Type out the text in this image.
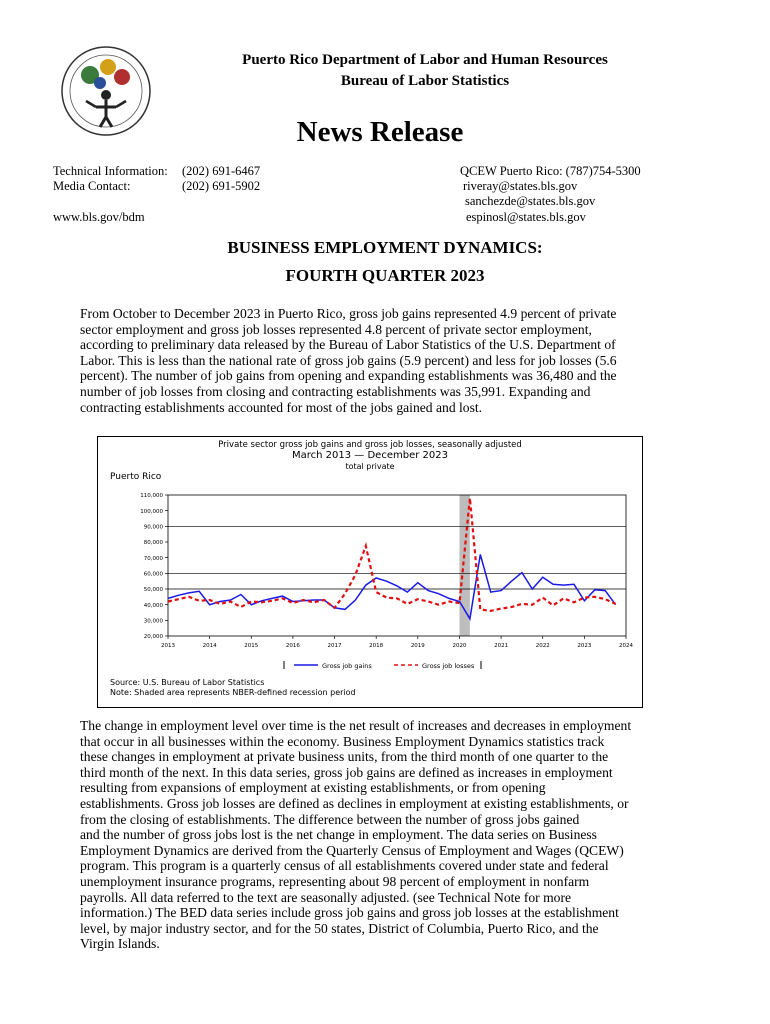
Puerto Rico Department of Labor and Human Resources
Bureau of Labor Statistics
News Release
Technical Information: (202) 691-6467
Media Contact:	(202) 691-5902
www.bls.gov/bdm
QCEW Puerto Rico: (787)754-5300
riveray@states.bls.gov
sanchezde@states.bls.gov
espinosl@states.bls.gov
BUSINESS EMPLOYMENT DYNAMICS:
FOURTH QUARTER 2023
From October to December 2023 in Puerto Rico, gross job gains represented 4.9 percent of private
sector employment and gross job losses represented 4.8 percent of private sector employment,
according to preliminary data released by the Bureau of Labor Statistics of the U.S. Department of
Labor. This is less than the national rate of gross job gains (5.9 percent) and less for job losses (5.6
percent). The number of job gains from opening and expanding establishments was 36,480 and the
number of job losses from closing and contracting establishments was 35,991. Expanding and
contracting establishments accounted for most of the jobs gained and lost.
Private sector gross job gains and gross job losses, seasonally adjusted
March 2013 — December 2023
total private
Puerto Rico
110,000
100,000
90,000
80,000
70,000
60,000
50,000
40,000
30,000
20,000
2013	2014	2015	2016	2017	2018	2019	2020	2021	2022	2023	2024
Gross job gains	Gross job losses
Source: U.S. Bureau of Labor Statistics
Note: Shaded area represents NBER-defined recession period
The change in employment level over time is the net result of increases and decreases in employment
that occur in all businesses within the economy. Business Employment Dynamics statistics track
these changes in employment at private business units, from the third month of one quarter to the
third month of the next. In this data series, gross job gains are defined as increases in employment
resulting from expansions of employment at existing establishments, or from opening
establishments. Gross job losses are defined as declines in employment at existing establishments, or
from the closing of establishments. The difference between the number of gross jobs gained
and the number of gross jobs lost is the net change in employment. The data series on Business
Employment Dynamics are derived from the Quarterly Census of Employment and Wages (QCEW)
program. This program is a quarterly census of all establishments covered under state and federal
unemployment insurance programs, representing about 98 percent of employment in nonfarm
payrolls. All data referred to the text are seasonally adjusted. (see Technical Note for more
information.) The BED data series include gross job gains and gross job losses at the establishment
level, by major industry sector, and for the 50 states, District of Columbia, Puerto Rico, and the
Virgin Islands.
